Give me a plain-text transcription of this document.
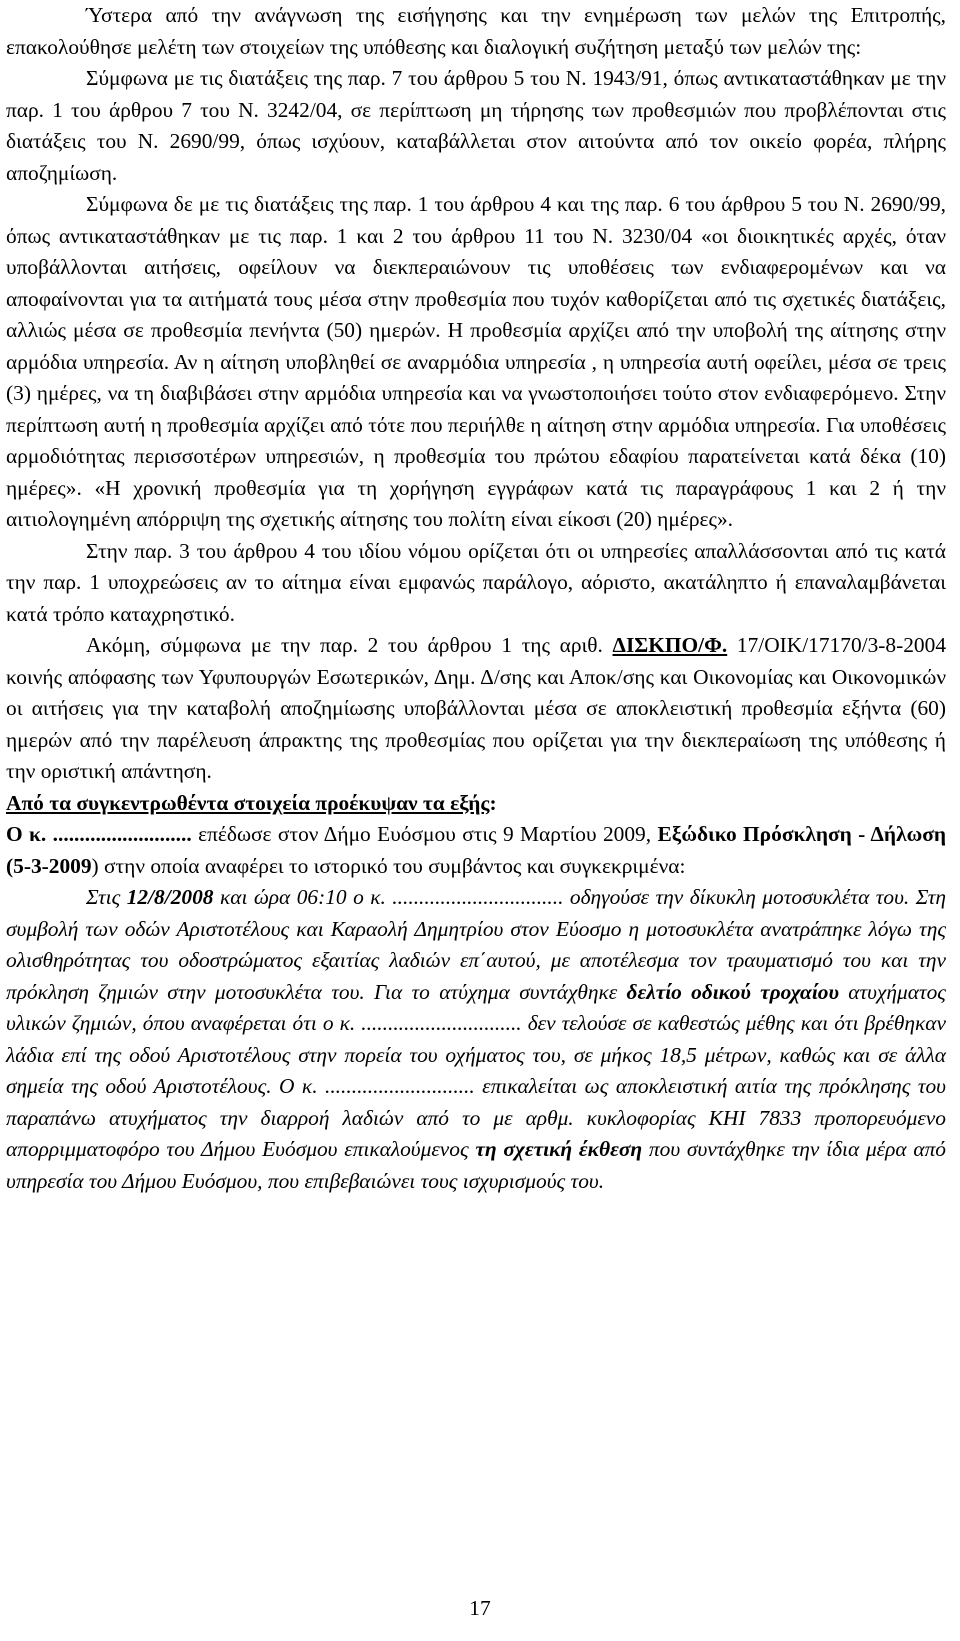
Ύστερα από την ανάγνωση της εισήγησης και την ενημέρωση των μελών της Επιτροπής, επακολούθησε μελέτη των στοιχείων της υπόθεσης και διαλογική συζήτηση μεταξύ των μελών της:

Σύμφωνα με τις διατάξεις της παρ. 7 του άρθρου 5 του Ν. 1943/91, όπως αντικαταστάθηκαν με την παρ. 1 του άρθρου 7 του Ν. 3242/04, σε περίπτωση μη τήρησης των προθεσμιών που προβλέπονται στις διατάξεις του Ν. 2690/99, όπως ισχύουν, καταβάλλεται στον αιτούντα από τον οικείο φορέα, πλήρης αποζημίωση.

Σύμφωνα δε με τις διατάξεις της παρ. 1 του άρθρου 4 και της παρ. 6 του άρθρου 5 του Ν. 2690/99, όπως αντικαταστάθηκαν με τις παρ. 1 και 2 του άρθρου 11 του Ν. 3230/04 «οι διοικητικές αρχές, όταν υποβάλλονται αιτήσεις, οφείλουν να διεκπεραιώνουν τις υποθέσεις των ενδιαφερομένων και να αποφαίνονται για τα αιτήματά τους μέσα στην προθεσμία που τυχόν καθορίζεται από τις σχετικές διατάξεις, αλλιώς μέσα σε προθεσμία πενήντα (50) ημερών. Η προθεσμία αρχίζει από την υποβολή της αίτησης στην αρμόδια υπηρεσία. Αν η αίτηση υποβληθεί σε αναρμόδια υπηρεσία , η υπηρεσία αυτή οφείλει, μέσα σε τρεις (3) ημέρες, να τη διαβιβάσει στην αρμόδια υπηρεσία και να γνωστοποιήσει τούτο στον ενδιαφερόμενο. Στην περίπτωση αυτή η προθεσμία αρχίζει από τότε που περιήλθε η αίτηση στην αρμόδια υπηρεσία. Για υποθέσεις αρμοδιότητας περισσοτέρων υπηρεσιών, η προθεσμία του πρώτου εδαφίου παρατείνεται κατά δέκα (10) ημέρες». «Η χρονική προθεσμία για τη χορήγηση εγγράφων κατά τις παραγράφους 1 και 2 ή την αιτιολογημένη απόρριψη της σχετικής αίτησης του πολίτη είναι είκοσι (20) ημέρες».

Στην παρ. 3 του άρθρου 4 του ιδίου νόμου ορίζεται ότι οι υπηρεσίες απαλλάσσονται από τις κατά την παρ. 1 υποχρεώσεις αν το αίτημα είναι εμφανώς παράλογο, αόριστο, ακατάληπτο ή επαναλαμβάνεται κατά τρόπο καταχρηστικό.

Ακόμη, σύμφωνα με την παρ. 2 του άρθρου 1 της αριθ. ΔΙΣΚΠΟ/Φ. 17/ΟΙΚ/17170/3-8-2004 κοινής απόφασης των Υφυπουργών Εσωτερικών, Δημ. Δ/σης και Αποκ/σης και Οικονομίας και Οικονομικών οι αιτήσεις για την καταβολή αποζημίωσης υποβάλλονται μέσα σε αποκλειστική προθεσμία εξήντα (60) ημερών από την παρέλευση άπρακτης της προθεσμίας που ορίζεται για την διεκπεραίωση της υπόθεσης ή την οριστική απάντηση.

Από τα συγκεντρωθέντα στοιχεία προέκυψαν τα εξής:

Ο κ. .......................... επέδωσε στον Δήμο Ευόσμου στις 9 Μαρτίου 2009, Εξώδικο Πρόσκληση - Δήλωση (5-3-2009) στην οποία αναφέρει το ιστορικό του συμβάντος και συγκεκριμένα:

Στις 12/8/2008 και ώρα 06:10 ο κ. ................................ οδηγούσε την δίκυκλη μοτοσυκλέτα του. Στη συμβολή των οδών Αριστοτέλους και Καραολή Δημητρίου στον Εύοσμο η μοτοσυκλέτα ανατράπηκε λόγω της ολισθηρότητας του οδοστρώματος εξαιτίας λαδιών επ΄αυτού, με αποτέλεσμα τον τραυματισμό του και την πρόκληση ζημιών στην μοτοσυκλέτα του. Για το ατύχημα συντάχθηκε δελτίο οδικού τροχαίου ατυχήματος υλικών ζημιών, όπου αναφέρεται ότι ο κ. .............................. δεν τελούσε σε καθεστώς μέθης και ότι βρέθηκαν λάδια επί της οδού Αριστοτέλους στην πορεία του οχήματος του, σε μήκος 18,5 μέτρων, καθώς και σε άλλα σημεία της οδού Αριστοτέλους. Ο κ. ............................ επικαλείται ως αποκλειστική αιτία της πρόκλησης του παραπάνω ατυχήματος την διαρροή λαδιών από το με αρθμ. κυκλοφορίας ΚΗΙ 7833 προπορευόμενο απορριμματοφόρο του Δήμου Ευόσμου επικαλούμενος τη σχετική έκθεση που συντάχθηκε την ίδια μέρα από υπηρεσία του Δήμου Ευόσμου, που επιβεβαιώνει τους ισχυρισμούς του.

17
